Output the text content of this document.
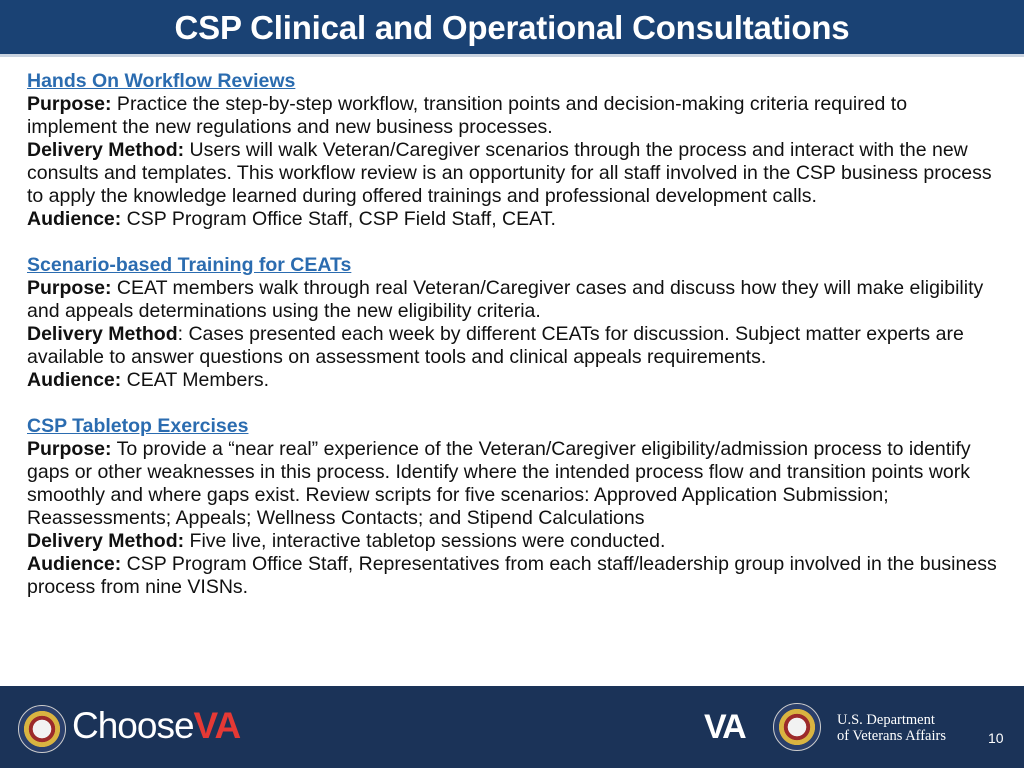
CSP Clinical and Operational Consultations
Hands On Workflow Reviews
Purpose: Practice the step-by-step workflow, transition points and decision-making criteria required to implement the new regulations and new business processes.
Delivery Method: Users will walk Veteran/Caregiver scenarios through the process and interact with the new consults and templates. This workflow review is an opportunity for all staff involved in the CSP business process to apply the knowledge learned during offered trainings and professional development calls.
Audience: CSP Program Office Staff, CSP Field Staff, CEAT.
Scenario-based Training for CEATs
Purpose: CEAT members walk through real Veteran/Caregiver cases and discuss how they will make eligibility and appeals determinations using the new eligibility criteria.
Delivery Method: Cases presented each week by different CEATs for discussion. Subject matter experts are available to answer questions on assessment tools and clinical appeals requirements.
Audience: CEAT Members.
CSP Tabletop Exercises
Purpose: To provide a “near real” experience of the Veteran/Caregiver eligibility/admission process to identify gaps or other weaknesses in this process. Identify where the intended process flow and transition points work smoothly and where gaps exist. Review scripts for five scenarios: Approved Application Submission; Reassessments; Appeals; Wellness Contacts; and Stipend Calculations
Delivery Method: Five live, interactive tabletop sessions were conducted.
Audience: CSP Program Office Staff, Representatives from each staff/leadership group involved in the business process from nine VISNs.
ChooseVA	VA	U.S. Department
of Veterans Affairs	10
